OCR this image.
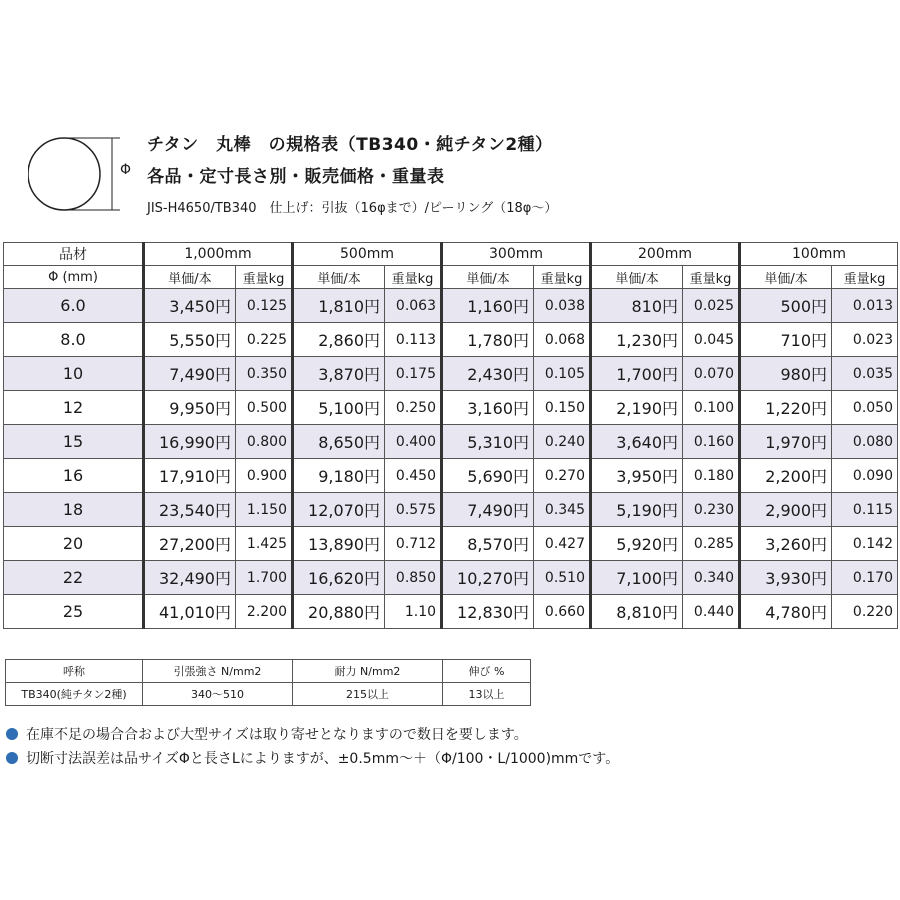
Φ
チタン　丸棒　の規格表（TB340・純チタン2種）
各品・定寸長さ別・販売価格・重量表
JIS-H4650/TB340　仕上げ：引抜（16φまで）/ピーリング（18φ〜）
品材	1,000mm		500mm		300mm		200mm		100mm	
Φ (mm)	単価/本	重量kg	単価/本	重量kg	単価/本	重量kg	単価/本	重量kg	単価/本	重量kg
6.0	3,450円	0.125	1,810円	0.063	1,160円	0.038	810円	0.025	500円	0.013
8.0	5,550円	0.225	2,860円	0.113	1,780円	0.068	1,230円	0.045	710円	0.023
10	7,490円	0.350	3,870円	0.175	2,430円	0.105	1,700円	0.070	980円	0.035
12	9,950円	0.500	5,100円	0.250	3,160円	0.150	2,190円	0.100	1,220円	0.050
15	16,990円	0.800	8,650円	0.400	5,310円	0.240	3,640円	0.160	1,970円	0.080
16	17,910円	0.900	9,180円	0.450	5,690円	0.270	3,950円	0.180	2,200円	0.090
18	23,540円	1.150	12,070円	0.575	7,490円	0.345	5,190円	0.230	2,900円	0.115
20	27,200円	1.425	13,890円	0.712	8,570円	0.427	5,920円	0.285	3,260円	0.142
22	32,490円	1.700	16,620円	0.850	10,270円	0.510	7,100円	0.340	3,930円	0.170
25	41,010円	2.200	20,880円	1.10	12,830円	0.660	8,810円	0.440	4,780円	0.220
呼称	引張強さ N/mm2	耐力 N/mm2	伸び %
TB340(純チタン2種)	340〜510	215以上	13以上
在庫不足の場合合および大型サイズは取り寄せとなりますので数日を要します。
切断寸法誤差は品サイズΦと長さLによりますが、±0.5mm〜＋（Φ/100・L/1000)mmです。
